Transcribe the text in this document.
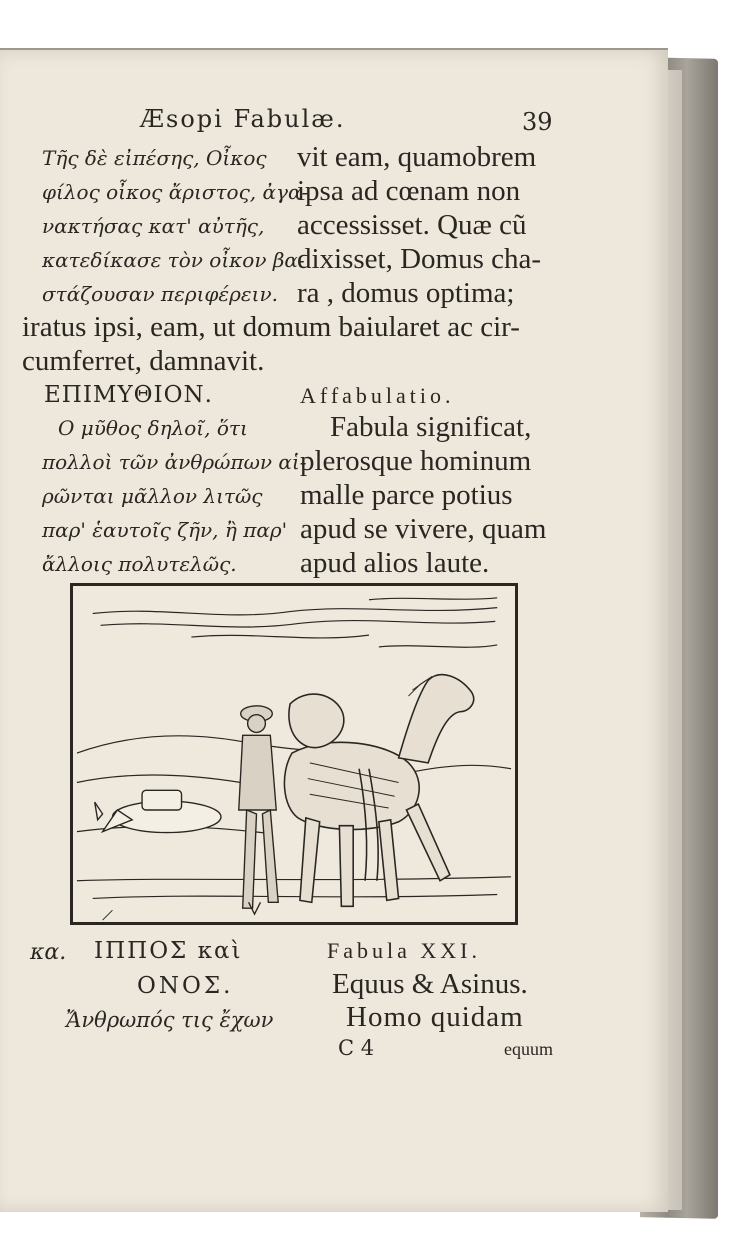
Æsopi Fabulæ.	39
Τῆς δὲ εἰπέσης, Οἶκος
φίλος οἶκος ἄριστος, ἀγα-
νακτήσας κατ' αὐτῆς,
κατεδίκασε τὸν οἶκον βα-
στάζουσαν περιφέρειν.
vit eam, quamobrem
ipsa ad cœnam non
accessisset. Quæ cũ
dixisset, Domus cha-
ra , domus optima;
iratus ipsi, eam, ut domum baiularet ac cir-
cumferret, damnavit.
ΕΠΙΜΥΘΙΟΝ.	Affabulatio.
Ο μῦθος δηλοῖ, ὅτι
πολλοὶ τῶν ἀνθρώπων αἱ-
ρῶνται μᾶλλον λιτῶς
παρ' ἑαυτοῖς ζῆν, ἢ παρ'
ἄλλοις πολυτελῶς.
Fabula significat,
plerosque hominum
malle parce potius
apud se vivere, quam
apud alios laute.
κα. ΙΠΠΟΣ καὶ
ΟΝΟΣ.
Ἄνθρωπός τις ἔχων
Fabula XXI.
Equus & Asinus.
Homo quidam
C 4	equum
